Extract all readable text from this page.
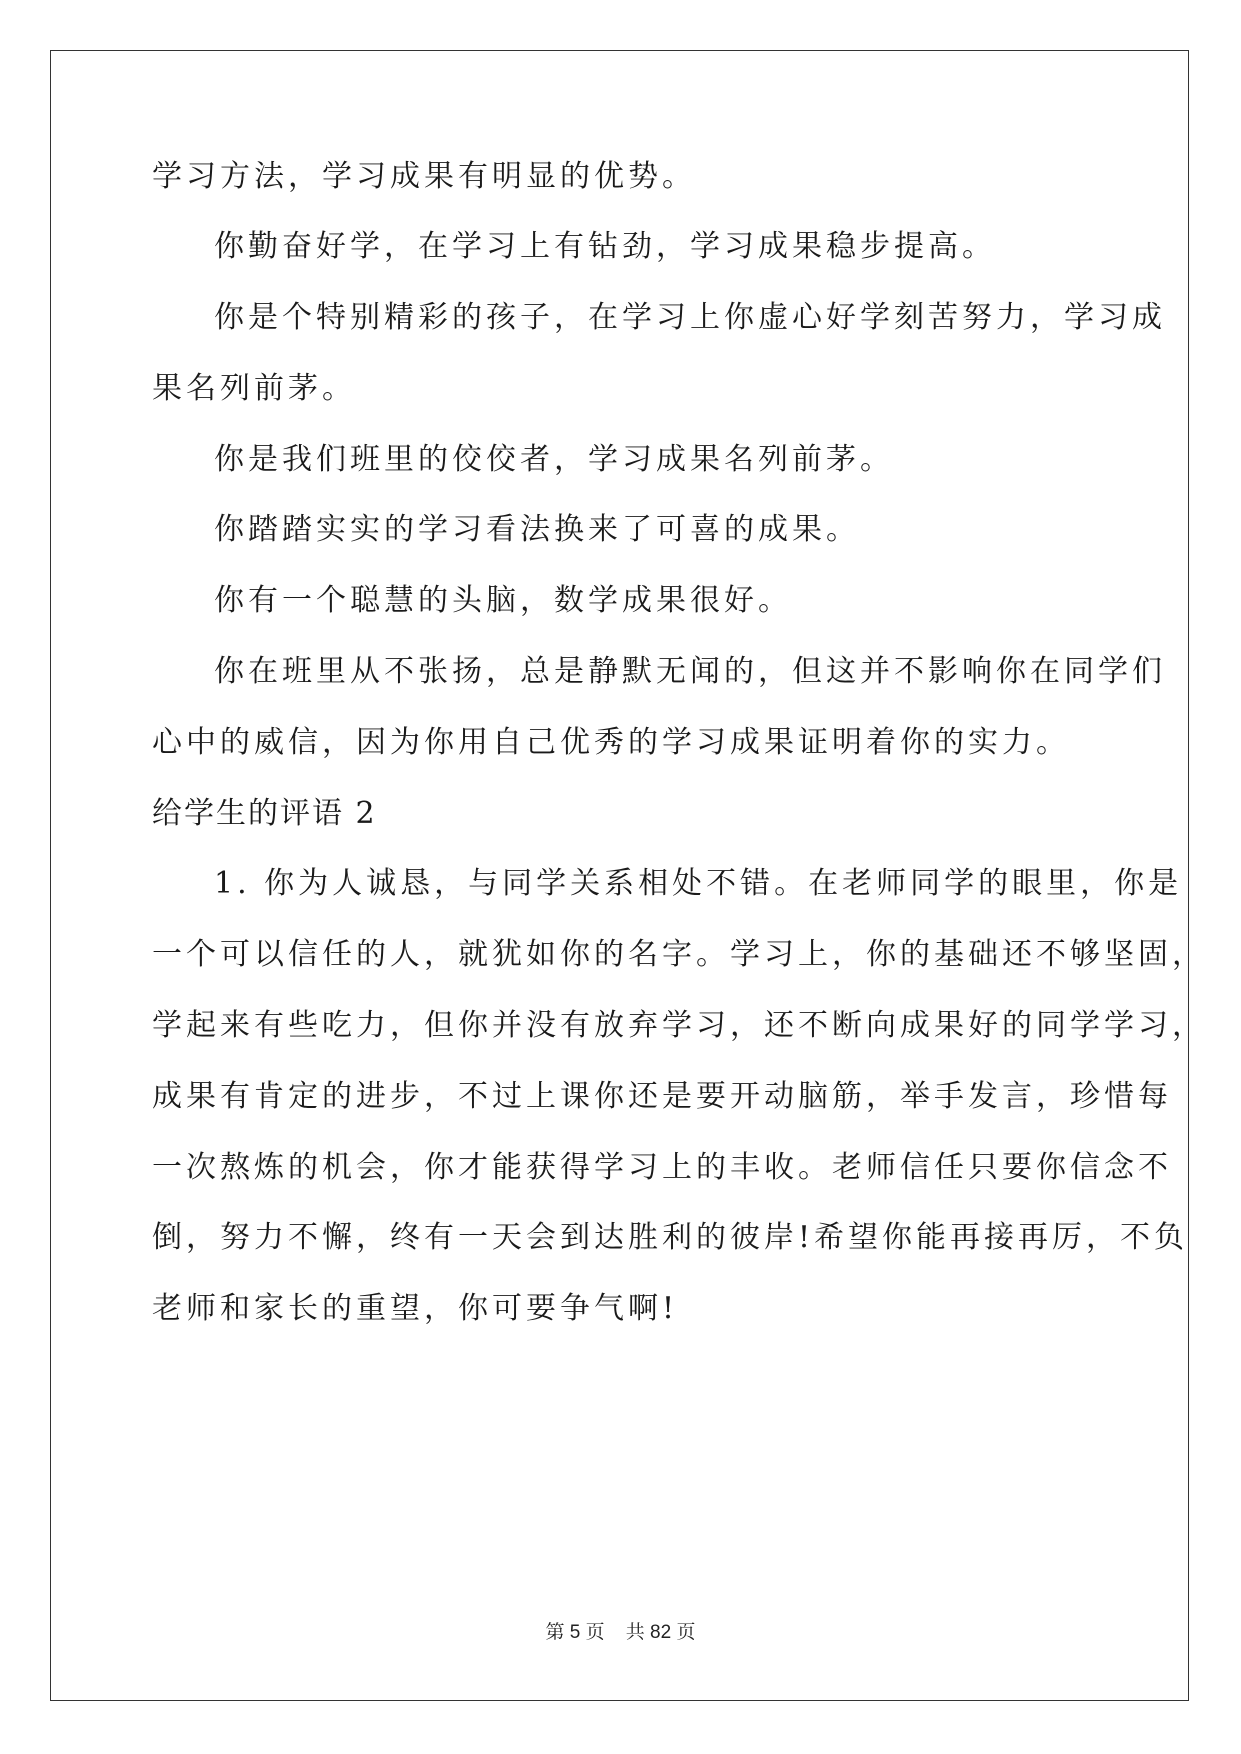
学习方法，学习成果有明显的优势。
你勤奋好学，在学习上有钻劲，学习成果稳步提高。
你是个特别精彩的孩子，在学习上你虚心好学刻苦努力，学习成
果名列前茅。
你是我们班里的佼佼者，学习成果名列前茅。
你踏踏实实的学习看法换来了可喜的成果。
你有一个聪慧的头脑，数学成果很好。
你在班里从不张扬，总是静默无闻的，但这并不影响你在同学们
心中的威信，因为你用自己优秀的学习成果证明着你的实力。
给学生的评语 2
1. 你为人诚恳，与同学关系相处不错。在老师同学的眼里，你是
一个可以信任的人，就犹如你的名字。学习上，你的基础还不够坚固，
学起来有些吃力，但你并没有放弃学习，还不断向成果好的同学学习，
成果有肯定的进步，不过上课你还是要开动脑筋，举手发言，珍惜每
一次熬炼的机会，你才能获得学习上的丰收。老师信任只要你信念不
倒，努力不懈，终有一天会到达胜利的彼岸!希望你能再接再厉，不负
老师和家长的重望，你可要争气啊!
第 5 页    共 82 页
